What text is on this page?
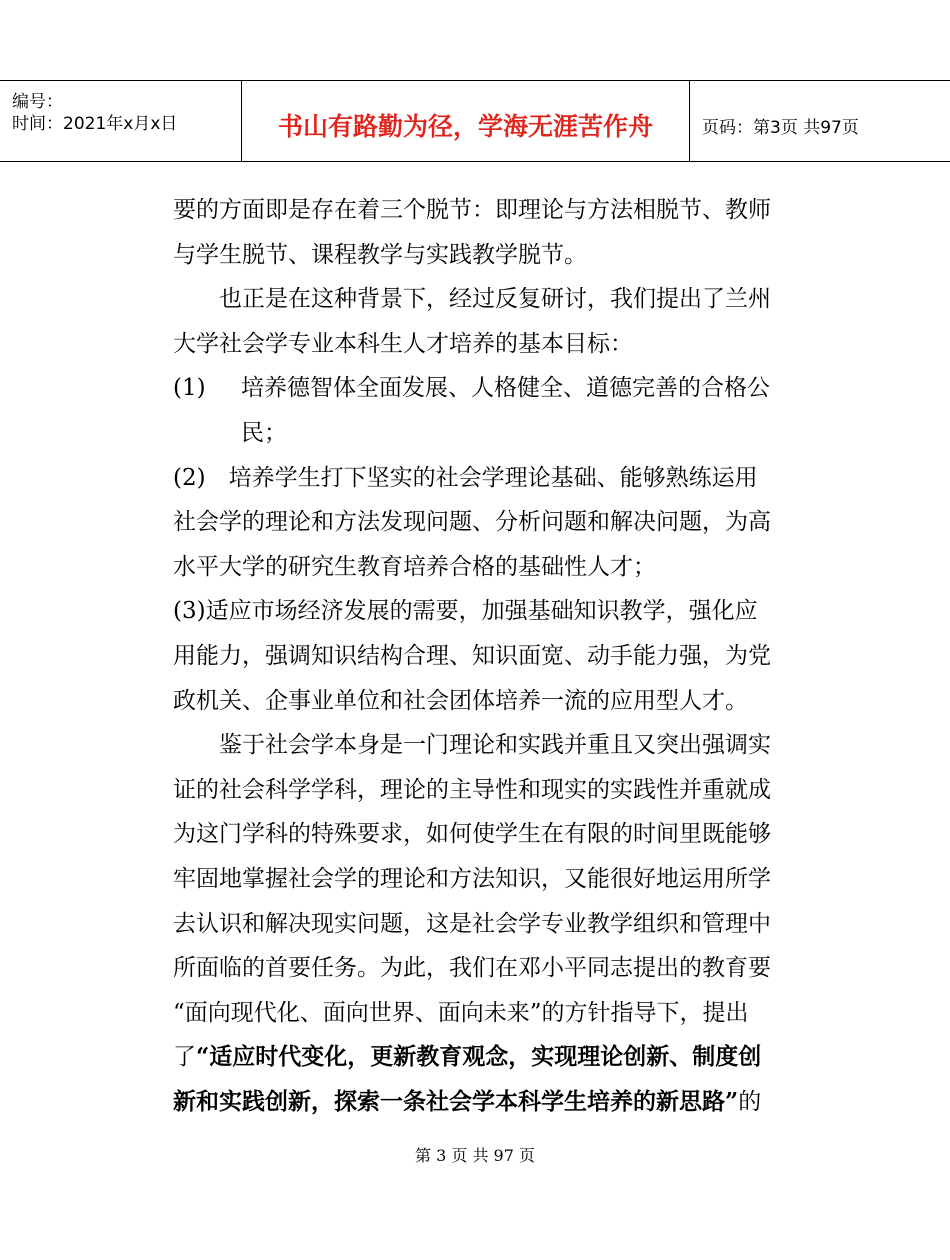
编号：
时间：2021年x月x日	书山有路勤为径，学海无涯苦作舟	页码：第3页 共97页

要的方面即是存在着三个脱节：即理论与方法相脱节、教师

与学生脱节、课程教学与实践教学脱节。

也正是在这种背景下，经过反复研讨，我们提出了兰州

大学社会学专业本科生人才培养的基本目标：

(1) 培养德智体全面发展、人格健全、道德完善的合格公

民；

(2)　培养学生打下坚实的社会学理论基础、能够熟练运用

社会学的理论和方法发现问题、分析问题和解决问题，为高

水平大学的研究生教育培养合格的基础性人才；

(3)适应市场经济发展的需要，加强基础知识教学，强化应

用能力，强调知识结构合理、知识面宽、动手能力强，为党

政机关、企事业单位和社会团体培养一流的应用型人才。

鉴于社会学本身是一门理论和实践并重且又突出强调实

证的社会科学学科，理论的主导性和现实的实践性并重就成

为这门学科的特殊要求，如何使学生在有限的时间里既能够

牢固地掌握社会学的理论和方法知识，又能很好地运用所学

去认识和解决现实问题，这是社会学专业教学组织和管理中

所面临的首要任务。为此，我们在邓小平同志提出的教育要

“面向现代化、面向世界、面向未来”的方针指导下，提出

了“适应时代变化，更新教育观念，实现理论创新、制度创

新和实践创新，探索一条社会学本科学生培养的新思路”的

第 3 页 共 97 页
